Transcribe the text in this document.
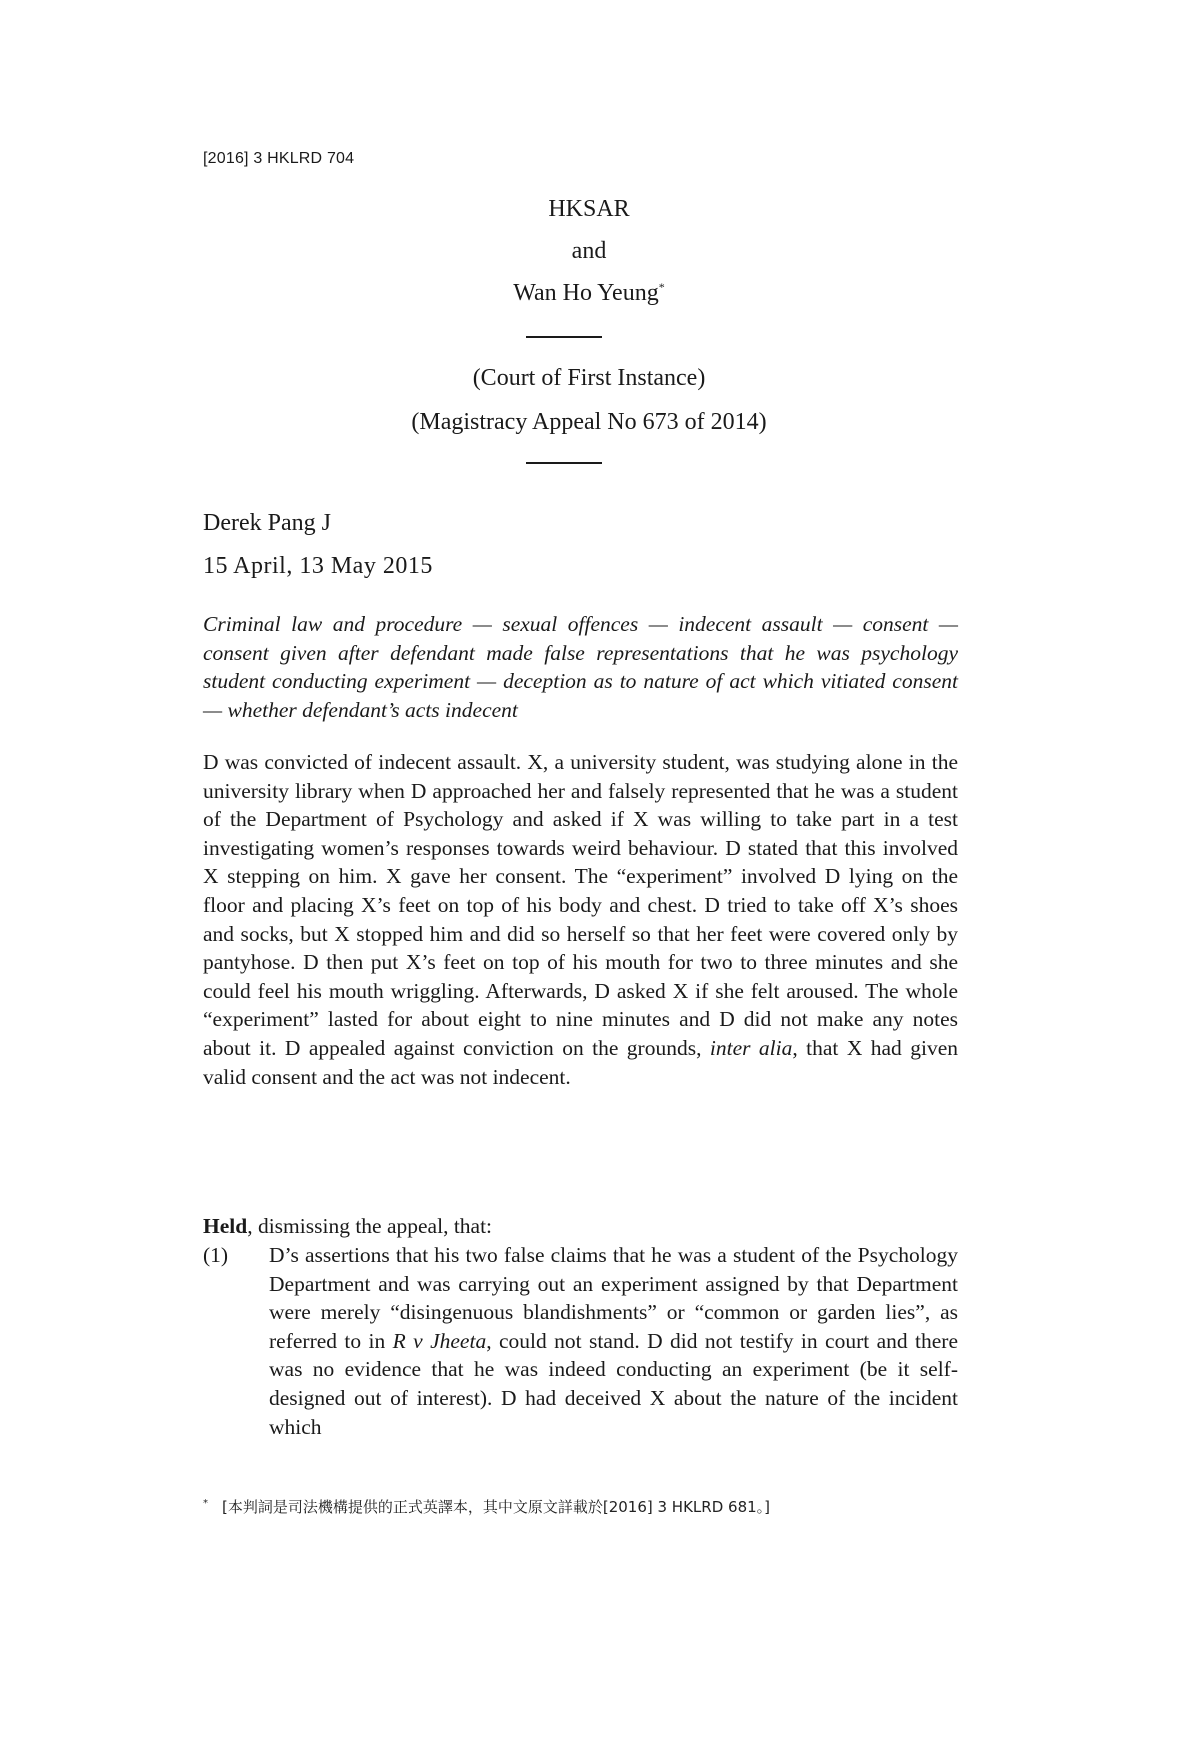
[2016] 3 HKLRD 704
HKSAR
and
Wan Ho Yeung*
(Court of First Instance)
(Magistracy Appeal No 673 of 2014)
Derek Pang J
15 April, 13 May 2015
Criminal law and procedure — sexual offences — indecent assault — consent — consent given after defendant made false representations that he was psychology student conducting experiment — deception as to nature of act which vitiated consent — whether defendant’s acts indecent
D was convicted of indecent assault. X, a university student, was studying alone in the university library when D approached her and falsely represented that he was a student of the Department of Psychology and asked if X was willing to take part in a test investigating women’s responses towards weird behaviour. D stated that this involved X stepping on him. X gave her consent. The “experiment” involved D lying on the floor and placing X’s feet on top of his body and chest. D tried to take off X’s shoes and socks, but X stopped him and did so herself so that her feet were covered only by pantyhose. D then put X’s feet on top of his mouth for two to three minutes and she could feel his mouth wriggling. Afterwards, D asked X if she felt aroused. The whole “experiment” lasted for about eight to nine minutes and D did not make any notes about it. D appealed against conviction on the grounds, inter alia, that X had given valid consent and the act was not indecent.
Held, dismissing the appeal, that:
(1) D’s assertions that his two false claims that he was a student of the Psychology Department and was carrying out an experiment assigned by that Department were merely “disingenuous blandishments” or “common or garden lies”, as referred to in R v Jheeta, could not stand. D did not testify in court and there was no evidence that he was indeed conducting an experiment (be it self-designed out of interest). D had deceived X about the nature of the incident which
* [本判詞是司法機構提供的正式英譯本，其中文原文詳載於[2016] 3 HKLRD 681。]
